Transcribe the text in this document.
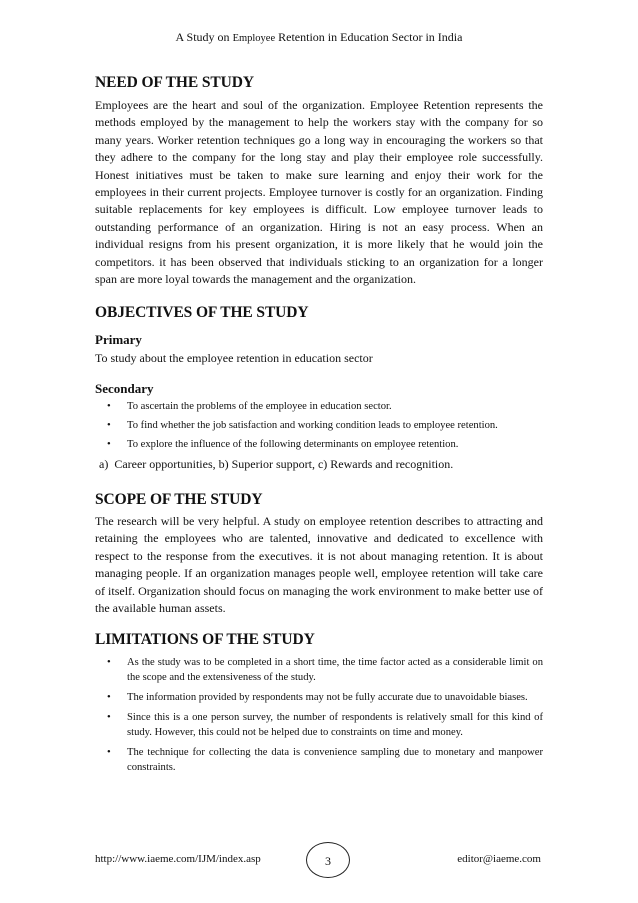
A Study on Employee Retention in Education Sector in India
NEED OF THE STUDY

Employees are the heart and soul of the organization. Employee Retention represents the methods employed by the management to help the workers stay with the company for so many years. Worker retention techniques go a long way in encouraging the workers so that they adhere to the company for the long stay and play their employee role successfully. Honest initiatives must be taken to make sure learning and enjoy their work for the employees in their current projects. Employee turnover is costly for an organization. Finding suitable replacements for key employees is difficult. Low employee turnover leads to outstanding performance of an organization. Hiring is not an easy process. When an individual resigns from his present organization, it is more likely that he would join the competitors. it has been observed that individuals sticking to an organization for a longer span are more loyal towards the management and the organization.

OBJECTIVES OF THE STUDY
Primary

To study about the employee retention in education sector

Secondary
• To ascertain the problems of the employee in education sector.
• To find whether the job satisfaction and working condition leads to employee retention.
• To explore the influence of the following determinants on employee retention.
a)  Career opportunities, b) Superior support, c) Rewards and recognition.
SCOPE OF THE STUDY

The research will be very helpful. A study on employee retention describes to attracting and retaining the employees who are talented, innovative and dedicated to excellence with respect to the response from the executives. it is not about managing retention. It is about managing people. If an organization manages people well, employee retention will take care of itself. Organization should focus on managing the work environment to make better use of the available human assets.

LIMITATIONS OF THE STUDY
• As the study was to be completed in a short time, the time factor acted as a considerable limit on the scope and the extensiveness of the study.
• The information provided by respondents may not be fully accurate due to unavoidable biases.
• Since this is a one person survey, the number of respondents is relatively small for this kind of study. However, this could not be helped due to constraints on time and money.
• The technique for collecting the data is convenience sampling due to monetary and manpower constraints.
http://www.iaeme.com/IJM/index.asp	3	editor@iaeme.com
